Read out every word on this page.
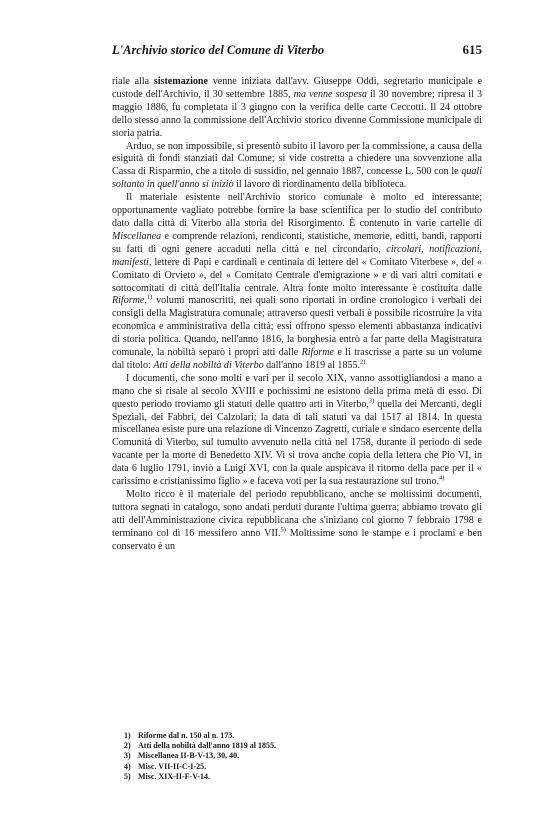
L'Archivio storico del Comune di Viterbo	615

riale alla sistemazione venne iniziata dall'avv. Giuseppe Oddi, segretario municipale e custode dell'Archivio, il 30 settembre 1885, ma venne sospesa il 30 novembre; ripresa il 3 maggio 1886, fu completata il 3 giugno con la verifica delle carte Ceccotti. Il 24 ottobre dello stesso anno la commissione dell'Archivio storico divenne Commissione municipale di storia patria.

Arduo, se non impossibile, si presentò subito il lavoro per la commissione, a causa della esiguità di fondi stanziati dal Comune; si vide costretta a chiedere una sovvenzione alla Cassa di Risparmio, che a titolo di sussidio, nel gennaio 1887, concesse L. 500 con le quali soltanto in quell'anno si iniziò il lavoro di riordinamento della biblioteca.

Il materiale esistente nell'Archivio storico comunale è molto ed interessante; opportunamente vagliato potrebbe fornire la base scientifica per lo studio del contributo dato dalla città di Viterbo alla storia del Risorgimento. È contenuto in varie cartelle di Miscellanea e comprende relazioni, rendiconti, statistiche, memorie, editti, bandi, rapporti su fatti di ogni genere accaduti nella città e nel circondario, circolari, notificazioni, manifesti, lettere di Papi e cardinali e centinaia di lettere del « Comitato Viterbese », del « Comitato di Orvieto », del « Comitato Centrale d'emigrazione » e di vari altri comitati e sottocomitati di città dell'Italia centrale. Altra fonte molto interessante è costituita dalle Riforme,$^{1)}$ volumi manoscritti, nei quali sono riportati in ordine cronologico i verbali dei consigli della Magistratura comunale; attraverso questi verbali è possibile ricostruire la vita economica e amministrativa della città; essi offrono spesso elementi abbastanza indicativi di storia politica. Quando, nell'anno 1816, la borghesia entrò a far parte della Magistratura comunale, la nobiltà separò i propri atti dalle Riforme e li trascrisse a parte su un volume dal titolo: Atti della nobiltà di Viterbo dall'anno 1819 al 1855.$^{2)}$

I documenti, che sono molti e vari per il secolo XIX, vanno assottigliandosi a mano a mano che si risale al secolo XVIII e pochissimi ne esistono della prima metà di esso. Di questo periodo troviamo gli statuti delle quattro arti in Viterbo,$^{3)}$ quella dei Mercanti, degli Speziali, dei Fabbri, dei Calzolari; la data di tali statuti va dal 1517 al 1814. In questa miscellanea esiste pure una relazione di Vincenzo Zagretti, curiale e sindaco esercente della Comunità di Viterbo, sul tumulto avvenuto nella città nel 1758, durante il periodo di sede vacante per la morte di Benedetto XIV. Vi si trova anche copia della lettera che Pio VI, in data 6 luglio 1791, inviò a Luigi XVI, con la quale auspicava il ritorno della pace per il « carissimo e cristianissimo figlio » e faceva voti per la sua restaurazione sul trono.$^{4)}$

Molto ricco è il materiale del periodo repubblicano, anche se moltissimi documenti, tuttora segnati in catalogo, sono andati perduti durante l'ultima guerra; abbiamo trovato gli atti dell'Amministrazione civica repubblicana che s'iniziano col giorno 7 febbraio 1798 e terminano col dì 16 messifero anno VII.$^{5)}$ Moltissime sono le stampe e i proclami e ben conservato è un

1) Riforme dal n. 150 al n. 173.
2) Atti della nobiltà dall'anno 1819 al 1855.
3) Miscellanea II-B-V-13, 30, 40.
4) Misc. VII-II-C-I-25.
5) Misc. XIX-II-F-V-14.
